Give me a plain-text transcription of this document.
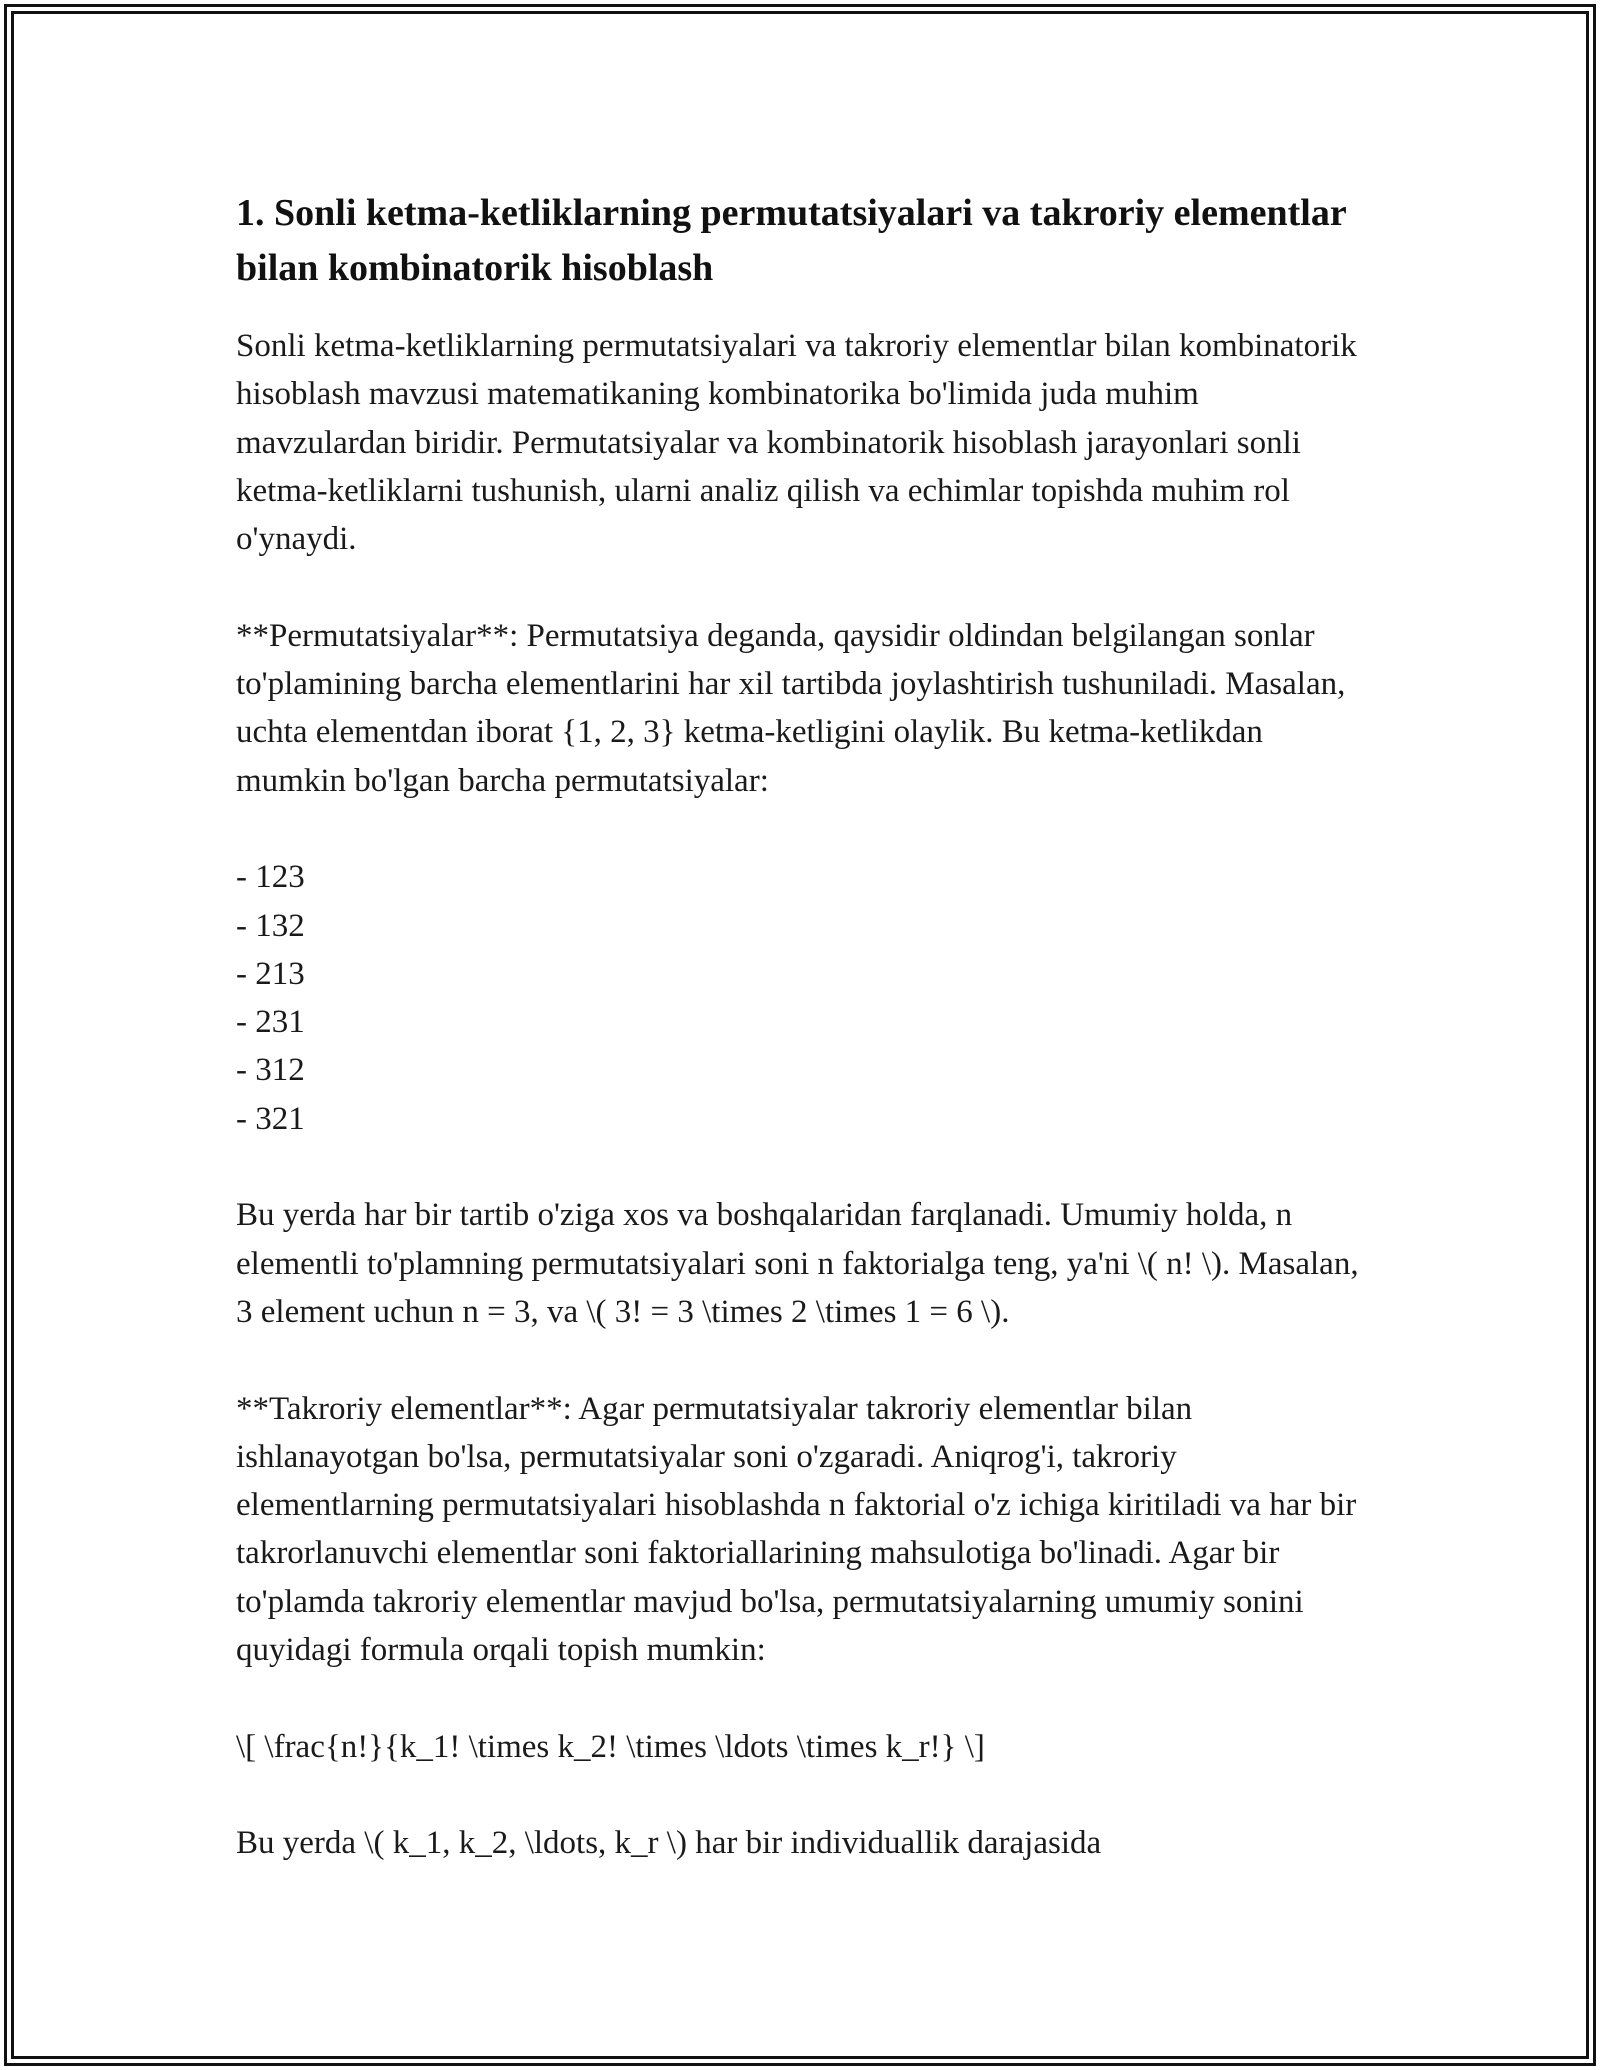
1. Sonli ketma-ketliklarning permutatsiyalari va takroriy elementlar bilan kombinatorik hisoblash

Sonli ketma-ketliklarning permutatsiyalari va takroriy elementlar bilan kombinatorik hisoblash mavzusi matematikaning kombinatorika bo'limida juda muhim mavzulardan biridir. Permutatsiyalar va kombinatorik hisoblash jarayonlari sonli ketma-ketliklarni tushunish, ularni analiz qilish va echimlar topishda muhim rol o'ynaydi.

**Permutatsiyalar**: Permutatsiya deganda, qaysidir oldindan belgilangan sonlar to'plamining barcha elementlarini har xil tartibda joylashtirish tushuniladi. Masalan, uchta elementdan iborat {1, 2, 3} ketma-ketligini olaylik. Bu ketma-ketlikdan mumkin bo'lgan barcha permutatsiyalar:

- 123
- 132
- 213
- 231
- 312
- 321

Bu yerda har bir tartib o'ziga xos va boshqalaridan farqlanadi. Umumiy holda, n elementli to'plamning permutatsiyalari soni n faktorialga teng, ya'ni \( n! \). Masalan, 3 element uchun n = 3, va \( 3! = 3 \times 2 \times 1 = 6 \).

**Takroriy elementlar**: Agar permutatsiyalar takroriy elementlar bilan ishlanayotgan bo'lsa, permutatsiyalar soni o'zgaradi. Aniqrog'i, takroriy elementlarning permutatsiyalari hisoblashda n faktorial o'z ichiga kiritiladi va har bir takrorlanuvchi elementlar soni faktoriallarining mahsulotiga bo'linadi. Agar bir to'plamda takroriy elementlar mavjud bo'lsa, permutatsiyalarning umumiy sonini quyidagi formula orqali topish mumkin:

\[ \frac{n!}{k_1! \times k_2! \times \ldots \times k_r!} \]

Bu yerda \( k_1, k_2, \ldots, k_r \) har bir individuallik darajasida
